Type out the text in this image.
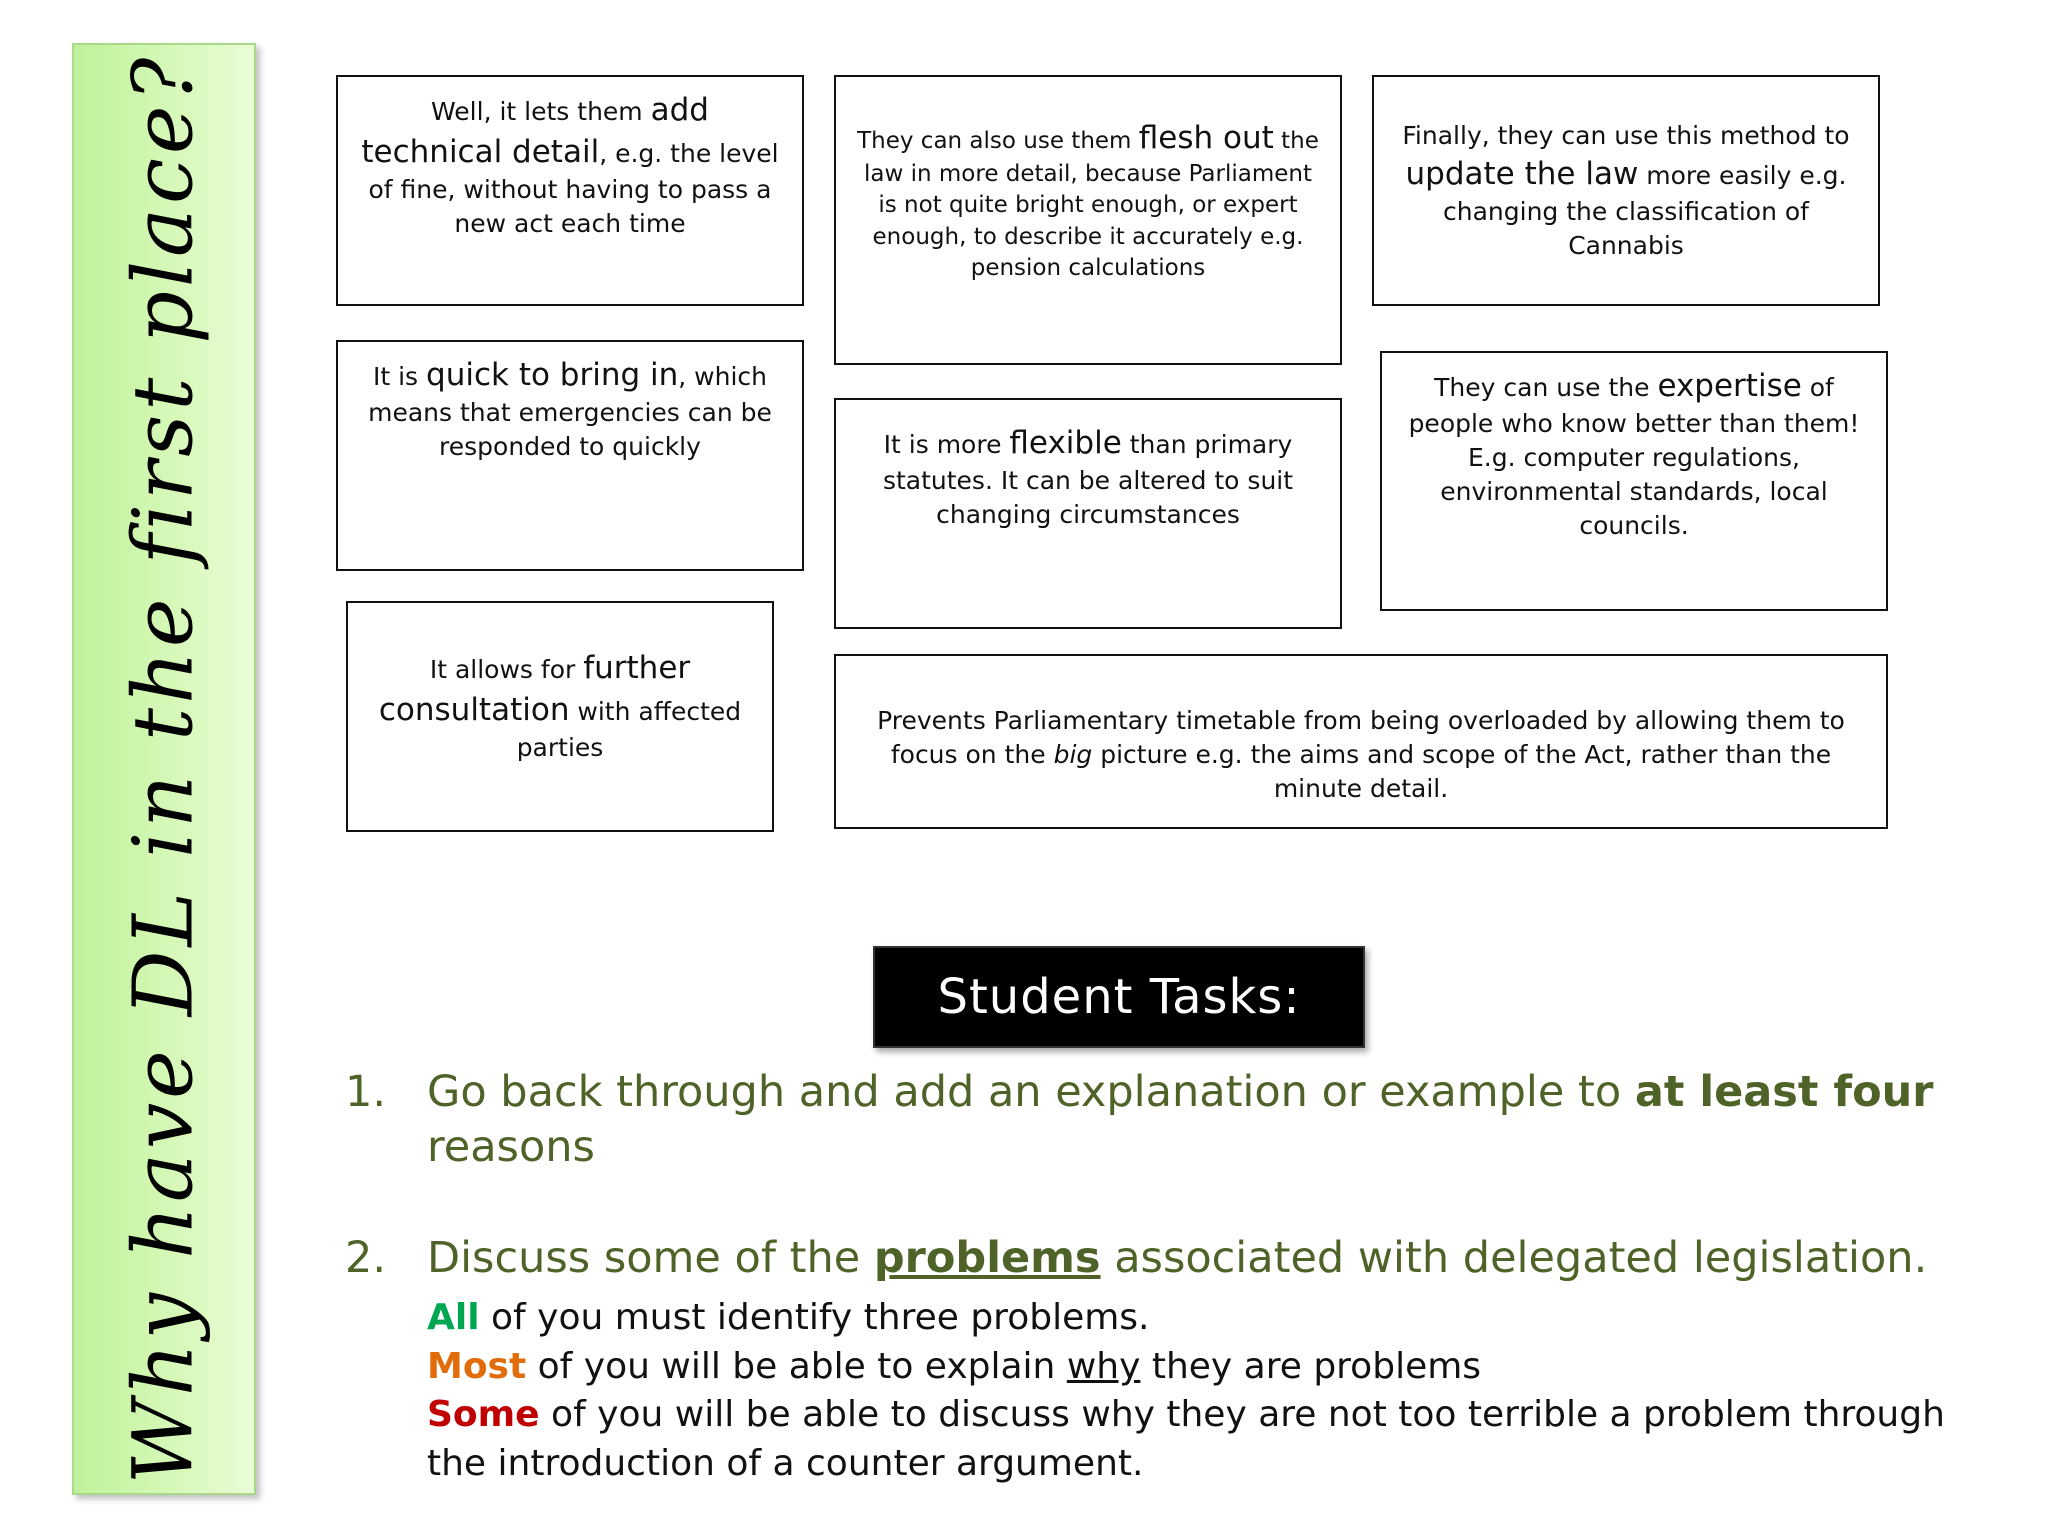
Why have DL in the first place?	Well, it lets them add technical detail, e.g. the level of fine, without having to pass a new act each time
They can also use them flesh out the law in more detail, because Parliament is not quite bright enough, or expert enough, to describe it accurately e.g. pension calculations
Finally, they can use this method to update the law more easily e.g. changing the classification of Cannabis
It is quick to bring in, which means that emergencies can be responded to quickly	It is more flexible than primary statutes. It can be altered to suit changing circumstances
They can use the expertise of people who know better than them! E.g. computer regulations, environmental standards, local councils.
It allows for further consultation with affected parties
Prevents Parliamentary timetable from being overloaded by allowing them to focus on the big picture e.g. the aims and scope of the Act, rather than the minute detail.
Student Tasks:
1. Go back through and add an explanation or example to at least four reasons
2. Discuss some of the problems associated with delegated legislation.
All of you must identify three problems.
Most of you will be able to explain why they are problems
Some of you will be able to discuss why they are not too terrible a problem through the introduction of a counter argument.
